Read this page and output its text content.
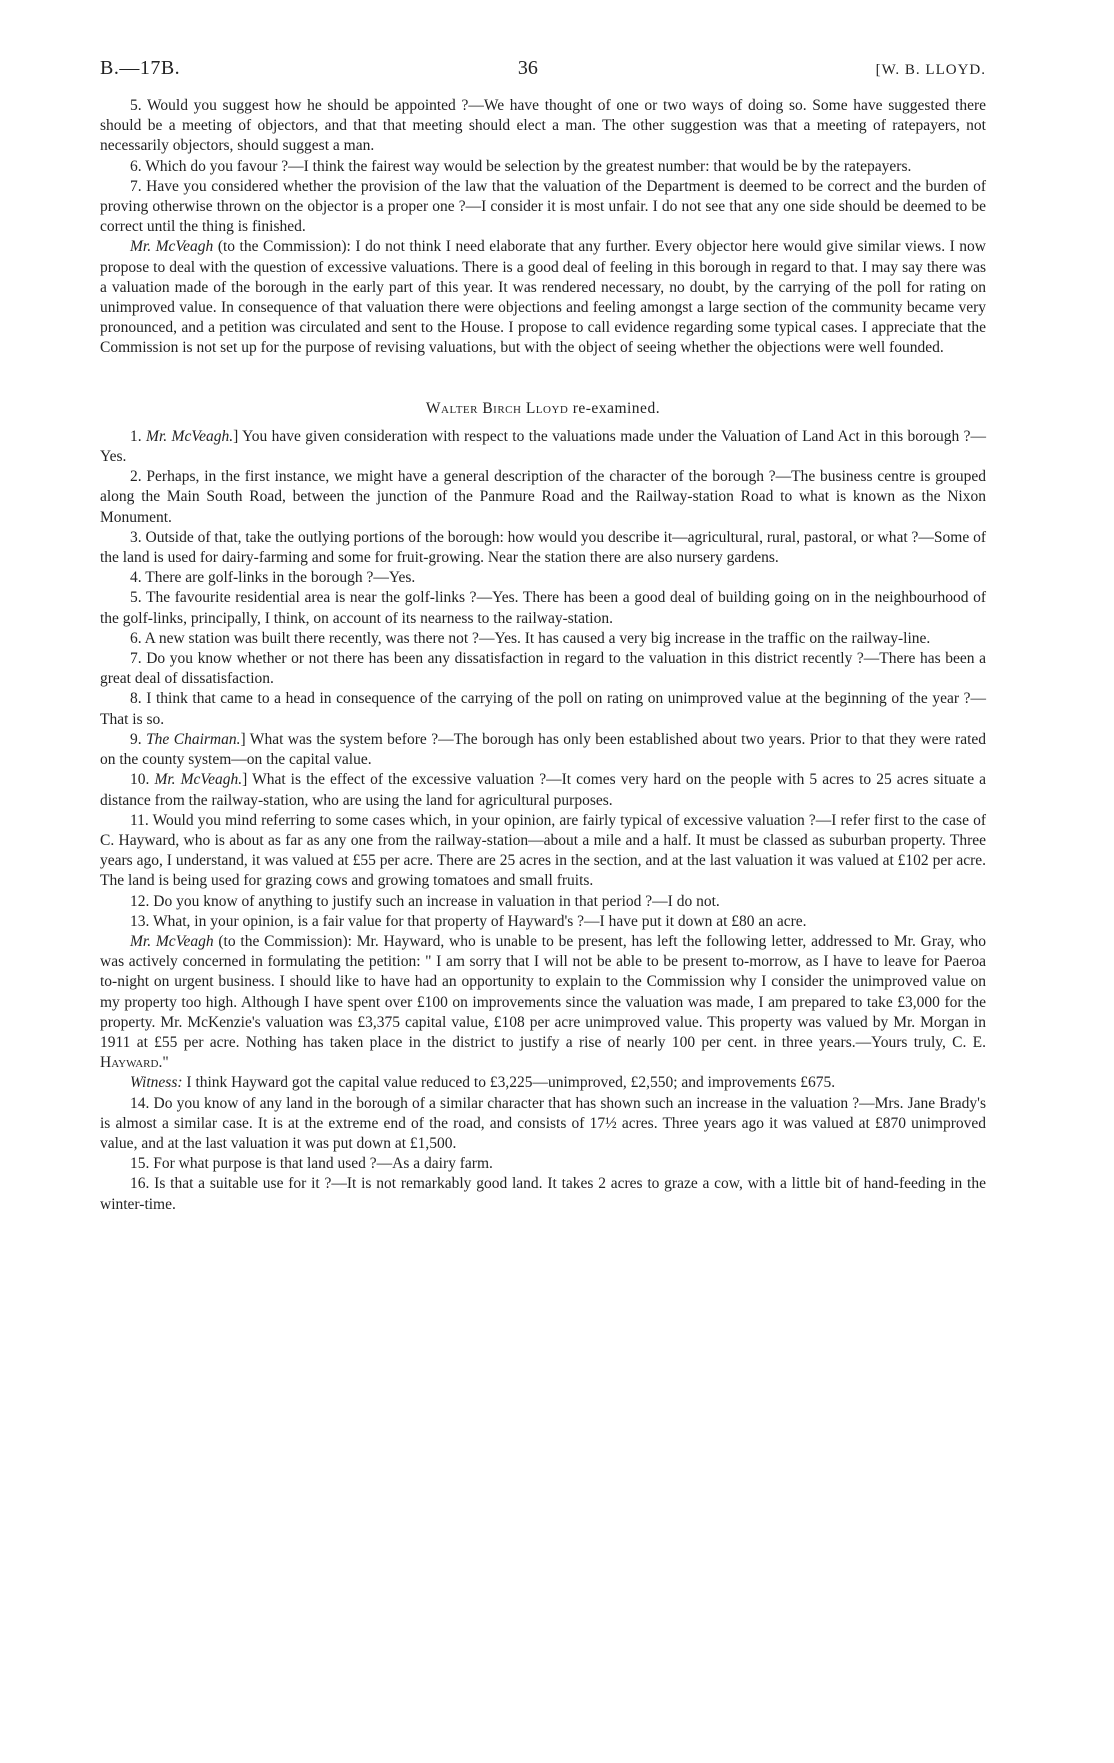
B.—17B.	36	[W. B. LLOYD.

5. Would you suggest how he should be appointed ?—We have thought of one or two ways of doing so. Some have suggested there should be a meeting of objectors, and that that meeting should elect a man. The other suggestion was that a meeting of ratepayers, not necessarily objectors, should suggest a man.

6. Which do you favour ?—I think the fairest way would be selection by the greatest number: that would be by the ratepayers.

7. Have you considered whether the provision of the law that the valuation of the Department is deemed to be correct and the burden of proving otherwise thrown on the objector is a proper one ?—I consider it is most unfair. I do not see that any one side should be deemed to be correct until the thing is finished.

Mr. McVeagh (to the Commission): I do not think I need elaborate that any further. Every objector here would give similar views. I now propose to deal with the question of excessive valuations. There is a good deal of feeling in this borough in regard to that. I may say there was a valuation made of the borough in the early part of this year. It was rendered necessary, no doubt, by the carrying of the poll for rating on unimproved value. In consequence of that valuation there were objections and feeling amongst a large section of the community became very pronounced, and a petition was circulated and sent to the House. I propose to call evidence regarding some typical cases. I appreciate that the Commission is not set up for the purpose of revising valuations, but with the object of seeing whether the objections were well founded.

Walter Birch Lloyd re-examined.

1. Mr. McVeagh.] You have given consideration with respect to the valuations made under the Valuation of Land Act in this borough ?—Yes.

2. Perhaps, in the first instance, we might have a general description of the character of the borough ?—The business centre is grouped along the Main South Road, between the junction of the Panmure Road and the Railway-station Road to what is known as the Nixon Monument.

3. Outside of that, take the outlying portions of the borough: how would you describe it—agricultural, rural, pastoral, or what ?—Some of the land is used for dairy-farming and some for fruit-growing. Near the station there are also nursery gardens.

4. There are golf-links in the borough ?—Yes.

5. The favourite residential area is near the golf-links ?—Yes. There has been a good deal of building going on in the neighbourhood of the golf-links, principally, I think, on account of its nearness to the railway-station.

6. A new station was built there recently, was there not ?—Yes. It has caused a very big increase in the traffic on the railway-line.

7. Do you know whether or not there has been any dissatisfaction in regard to the valuation in this district recently ?—There has been a great deal of dissatisfaction.

8. I think that came to a head in consequence of the carrying of the poll on rating on unimproved value at the beginning of the year ?—That is so.

9. The Chairman.] What was the system before ?—The borough has only been established about two years. Prior to that they were rated on the county system—on the capital value.

10. Mr. McVeagh.] What is the effect of the excessive valuation ?—It comes very hard on the people with 5 acres to 25 acres situate a distance from the railway-station, who are using the land for agricultural purposes.

11. Would you mind referring to some cases which, in your opinion, are fairly typical of excessive valuation ?—I refer first to the case of C. Hayward, who is about as far as any one from the railway-station—about a mile and a half. It must be classed as suburban property. Three years ago, I understand, it was valued at £55 per acre. There are 25 acres in the section, and at the last valuation it was valued at £102 per acre. The land is being used for grazing cows and growing tomatoes and small fruits.

12. Do you know of anything to justify such an increase in valuation in that period ?—I do not.

13. What, in your opinion, is a fair value for that property of Hayward's ?—I have put it down at £80 an acre.

Mr. McVeagh (to the Commission): Mr. Hayward, who is unable to be present, has left the following letter, addressed to Mr. Gray, who was actively concerned in formulating the petition: " I am sorry that I will not be able to be present to-morrow, as I have to leave for Paeroa to-night on urgent business. I should like to have had an opportunity to explain to the Commission why I consider the unimproved value on my property too high. Although I have spent over £100 on improvements since the valuation was made, I am prepared to take £3,000 for the property. Mr. McKenzie's valuation was £3,375 capital value, £108 per acre unimproved value. This property was valued by Mr. Morgan in 1911 at £55 per acre. Nothing has taken place in the district to justify a rise of nearly 100 per cent. in three years.—Yours truly, C. E. Hayward."

Witness: I think Hayward got the capital value reduced to £3,225—unimproved, £2,550; and improvements £675.

14. Do you know of any land in the borough of a similar character that has shown such an increase in the valuation ?—Mrs. Jane Brady's is almost a similar case. It is at the extreme end of the road, and consists of 17½ acres. Three years ago it was valued at £870 unimproved value, and at the last valuation it was put down at £1,500.

15. For what purpose is that land used ?—As a dairy farm.

16. Is that a suitable use for it ?—It is not remarkably good land. It takes 2 acres to graze a cow, with a little bit of hand-feeding in the winter-time.
